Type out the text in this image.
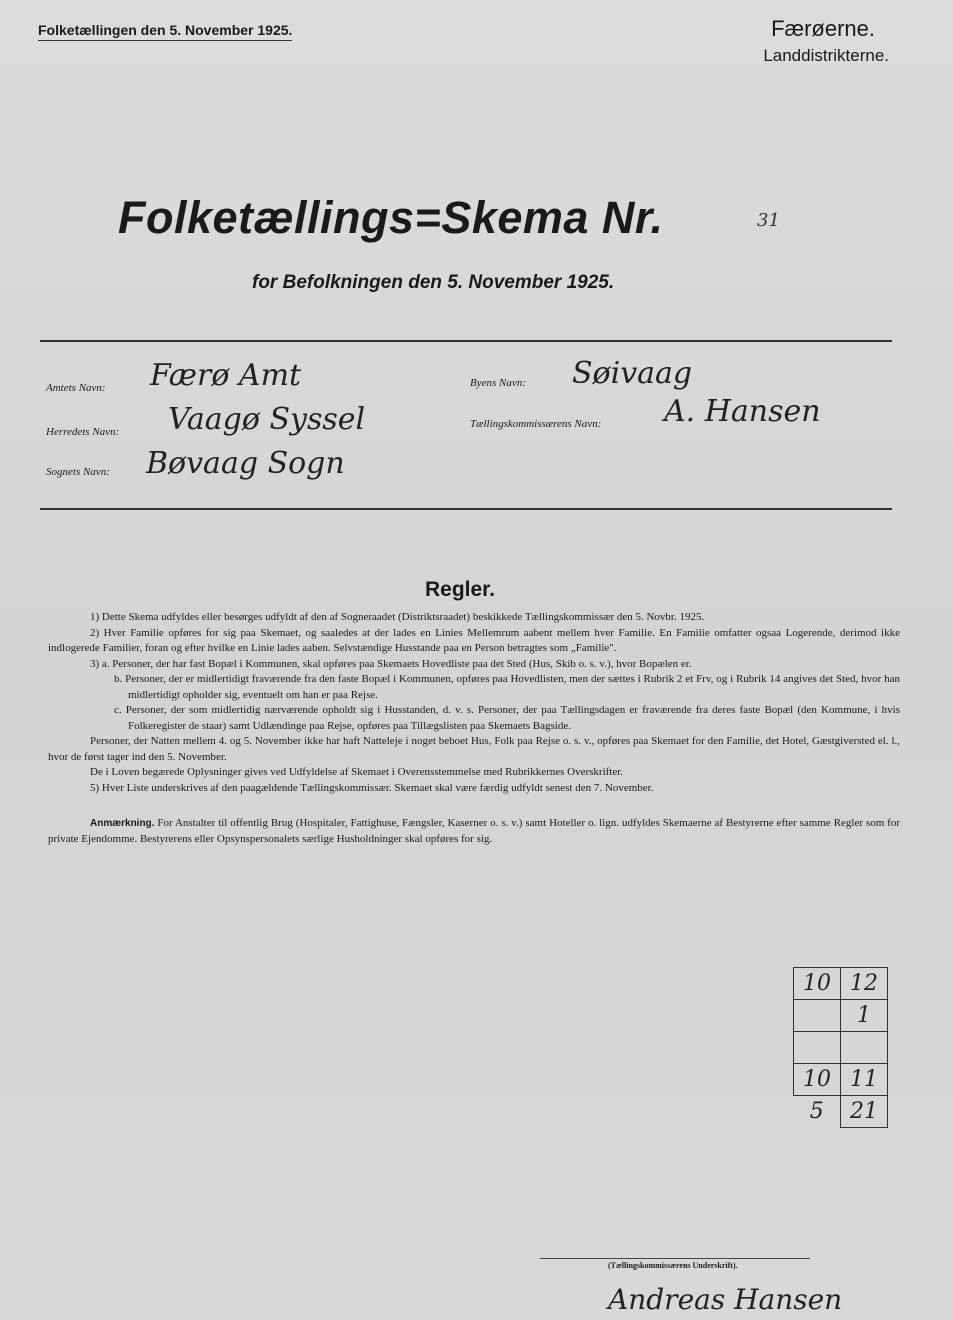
Folketællingen den 5. November 1925.	Færøerne.
Landdistrikterne.
Folketællings=Skema Nr.	31
for Befolkningen den 5. November 1925.
Amtets Navn: Færø Amt
Herredets Navn: Vaagø Syssel
Sognets Navn: Bøvaag Sogn
Byens Navn: Søivaag
Tællingskommissærens Navn: A. Hansen
Regler.

1) Dette Skema udfyldes eller besørges udfyldt af den af Sogneraadet (Distriktsraadet) beskikkede Tællingskommissær den 5. Novbr. 1925.

2) Hver Familie opføres for sig paa Skemaet, og saaledes at der lades en Linies Mellemrum aabent mellem hver Familie. En Familie omfatter ogsaa Logerende, derimod ikke indlogerede Familier, foran og efter hvilke en Linie lades aaben. Selvstændige Husstande paa en Person betragtes som „Familie".

3) a. Personer, der har fast Bopæl i Kommunen, skal opføres paa Skemaets Hovedliste paa det Sted (Hus, Skib o. s. v.), hvor Bopælen er.

b. Personer, der er midlertidigt fraværende fra den faste Bopæl i Kommunen, opføres paa Hovedlisten, men der sættes i Rubrik 2 et Frv, og i Rubrik 14 angives det Sted, hvor han midlertidigt opholder sig, eventuelt om han er paa Rejse.

c. Personer, der som midlertidig nærværende opholdt sig i Husstanden, d. v. s. Personer, der paa Tællingsdagen er fraværende fra deres faste Bopæl (den Kommune, i hvis Folkeregister de staar) samt Udlændinge paa Rejse, opføres paa Tillægslisten paa Skemaets Bagside.

Personer, der Natten mellem 4. og 5. November ikke har haft Natteleje i noget beboet Hus, Folk paa Rejse o. s. v., opføres paa Skemaet for den Familie, det Hotel, Gæstgiversted el. l., hvor de først tager ind den 5. November.

De i Loven begærede Oplysninger gives ved Udfyldelse af Skemaet i Overensstemmelse med Rubrikkernes Overskrifter.

5) Hver Liste underskrives af den paagældende Tællingskommissær. Skemaet skal være færdig udfyldt senest den 7. November.

Anmærkning. For Anstalter til offentlig Brug (Hospitaler, Fattighuse, Fængsler, Kaserner o. s. v.) samt Hoteller o. lign. udfyldes Skemaerne af Bestyrerne efter samme Regler som for private Ejendomme. Bestyrerens eller Opsynspersonalets særlige Husholdninger skal opføres for sig.

10	12
	1

10	11
5	21
(Tællingskommissærens Underskrift).
Andreas Hansen
